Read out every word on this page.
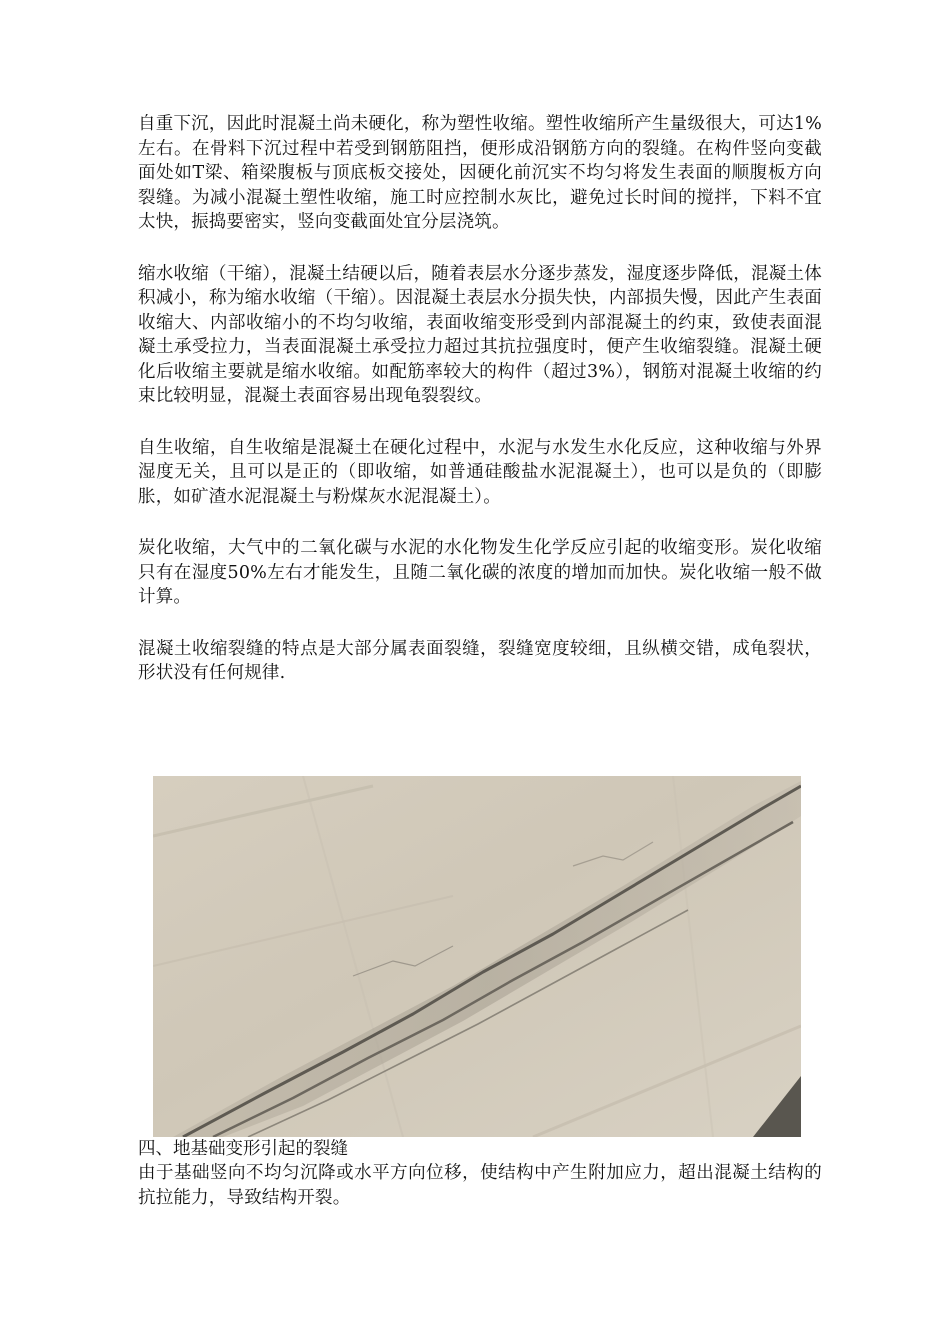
自重下沉，因此时混凝土尚未硬化，称为塑性收缩。塑性收缩所产生量级很大，可达1%左右。在骨料下沉过程中若受到钢筋阻挡，便形成沿钢筋方向的裂缝。在构件竖向变截面处如T梁、箱梁腹板与顶底板交接处，因硬化前沉实不均匀将发生表面的顺腹板方向裂缝。为减小混凝土塑性收缩，施工时应控制水灰比，避免过长时间的搅拌，下料不宜太快，振捣要密实，竖向变截面处宜分层浇筑。

缩水收缩（干缩），混凝土结硬以后，随着表层水分逐步蒸发，湿度逐步降低，混凝土体积减小，称为缩水收缩（干缩）。因混凝土表层水分损失快，内部损失慢，因此产生表面收缩大、内部收缩小的不均匀收缩，表面收缩变形受到内部混凝土的约束，致使表面混凝土承受拉力，当表面混凝土承受拉力超过其抗拉强度时，便产生收缩裂缝。混凝土硬化后收缩主要就是缩水收缩。如配筋率较大的构件（超过3%），钢筋对混凝土收缩的约束比较明显，混凝土表面容易出现龟裂裂纹。

自生收缩，自生收缩是混凝土在硬化过程中，水泥与水发生水化反应，这种收缩与外界湿度无关，且可以是正的（即收缩，如普通硅酸盐水泥混凝土），也可以是负的（即膨胀，如矿渣水泥混凝土与粉煤灰水泥混凝土）。

炭化收缩，大气中的二氧化碳与水泥的水化物发生化学反应引起的收缩变形。炭化收缩只有在湿度50%左右才能发生，且随二氧化碳的浓度的增加而加快。炭化收缩一般不做计算。

混凝土收缩裂缝的特点是大部分属表面裂缝，裂缝宽度较细，且纵横交错，成龟裂状，形状没有任何规律.

四、地基础变形引起的裂缝

由于基础竖向不均匀沉降或水平方向位移，使结构中产生附加应力，超出混凝土结构的抗拉能力，导致结构开裂。
